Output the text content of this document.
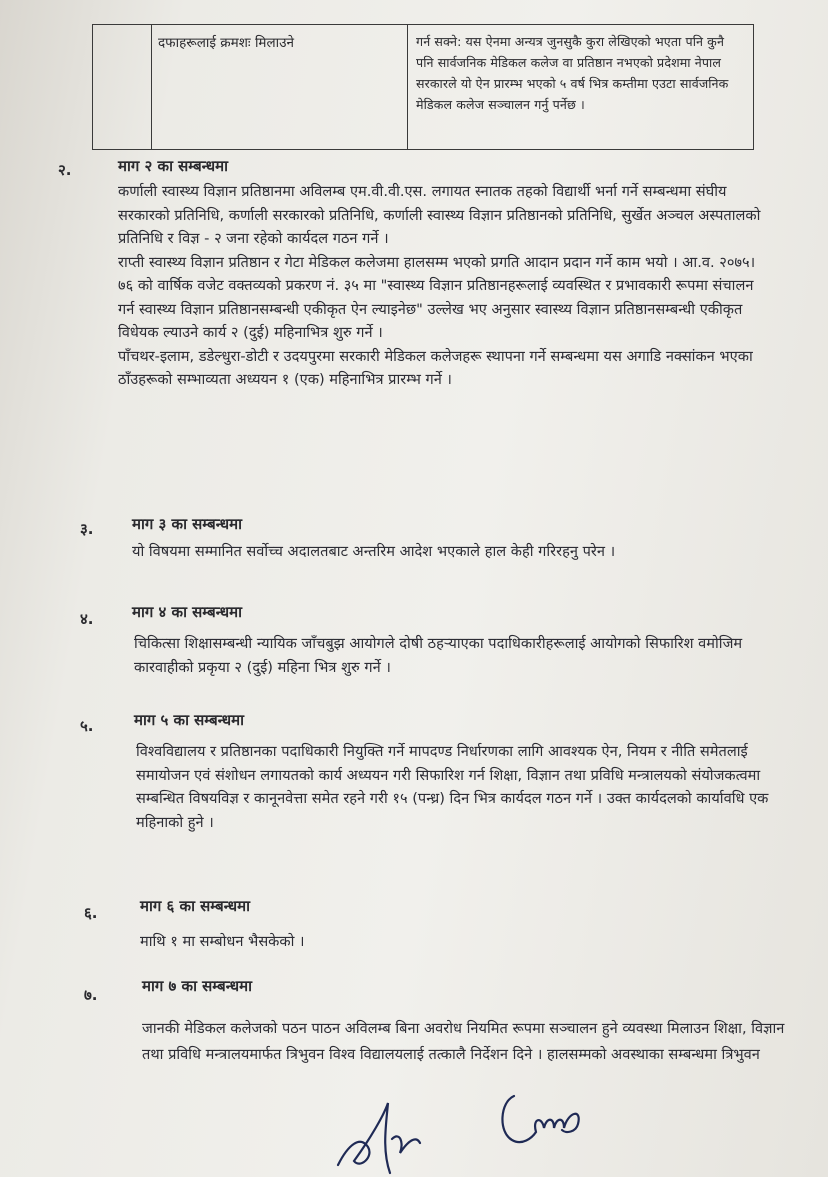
दफाहरूलाई क्रमशः मिलाउने	गर्न सक्ने: यस ऐनमा अन्यत्र जुनसुकै कुरा लेखिएको भएता पनि कुनै पनि सार्वजनिक मेडिकल कलेज वा प्रतिष्ठान नभएको प्रदेशमा नेपाल सरकारले यो ऐन प्रारम्भ भएको ५ वर्ष भित्र कम्तीमा एउटा सार्वजनिक मेडिकल कलेज सञ्चालन गर्नु पर्नेछ ।
२.	माग २ का सम्बन्धमा

कर्णाली स्वास्थ्य विज्ञान प्रतिष्ठानमा अविलम्ब एम.वी.वी.एस. लगायत स्नातक तहको विद्यार्थी भर्ना गर्ने सम्बन्धमा संघीय सरकारको प्रतिनिधि, कर्णाली सरकारको प्रतिनिधि, कर्णाली स्वास्थ्य विज्ञान प्रतिष्ठानको प्रतिनिधि, सुर्खेत अञ्चल अस्पतालको प्रतिनिधि र विज्ञ - २ जना रहेको कार्यदल गठन गर्ने ।

राप्ती स्वास्थ्य विज्ञान प्रतिष्ठान र गेटा मेडिकल कलेजमा हालसम्म भएको प्रगति आदान प्रदान गर्ने काम भयो । आ.व. २०७५।७६ को वार्षिक वजेट वक्तव्यको प्रकरण नं. ३५ मा "स्वास्थ्य विज्ञान प्रतिष्ठानहरूलाई व्यवस्थित र प्रभावकारी रूपमा संचालन गर्न स्वास्थ्य विज्ञान प्रतिष्ठानसम्बन्धी एकीकृत ऐन ल्याइनेछ" उल्लेख भए अनुसार स्वास्थ्य विज्ञान प्रतिष्ठानसम्बन्धी एकीकृत विधेयक ल्याउने कार्य २ (दुई) महिनाभित्र शुरु गर्ने ।

पाँचथर-इलाम, डडेल्धुरा-डोटी र उदयपुरमा सरकारी मेडिकल कलेजहरू स्थापना गर्ने सम्बन्धमा यस अगाडि नक्सांकन भएका ठाँउहरूको सम्भाव्यता अध्ययन १ (एक) महिनाभित्र प्रारम्भ गर्ने ।

३.	माग ३ का सम्बन्धमा

यो विषयमा सम्मानित सर्वोच्च अदालतबाट अन्तरिम आदेश भएकाले हाल केही गरिरहनु परेन ।

४.	माग ४ का सम्बन्धमा

चिकित्सा शिक्षासम्बन्धी न्यायिक जाँचबुझ आयोगले दोषी ठहऱ्याएका पदाधिकारीहरूलाई आयोगको सिफारिश वमोजिम कारवाहीको प्रकृया २ (दुई) महिना भित्र शुरु गर्ने ।

५.	माग ५ का सम्बन्धमा

विश्वविद्यालय र प्रतिष्ठानका पदाधिकारी नियुक्ति गर्ने मापदण्ड निर्धारणका लागि आवश्यक ऐन, नियम र नीति समेतलाई समायोजन एवं संशोधन लगायतको कार्य अध्ययन गरी सिफारिश गर्न शिक्षा, विज्ञान तथा प्रविधि मन्त्रालयको संयोजकत्वमा सम्बन्धित विषयविज्ञ र कानूनवेत्ता समेत रहने गरी १५ (पन्ध्र) दिन भित्र कार्यदल गठन गर्ने । उक्त कार्यदलको कार्यावधि एक महिनाको हुने ।

६.	माग ६ का सम्बन्धमा

माथि १ मा सम्बोधन भैसकेको ।

७.	माग ७ का सम्बन्धमा

जानकी मेडिकल कलेजको पठन पाठन अविलम्ब बिना अवरोध नियमित रूपमा सञ्चालन हुने व्यवस्था मिलाउन शिक्षा, विज्ञान तथा प्रविधि मन्त्रालयमार्फत त्रिभुवन विश्व विद्यालयलाई तत्कालै निर्देशन दिने । हालसम्मको अवस्थाका सम्बन्धमा त्रिभुवन
